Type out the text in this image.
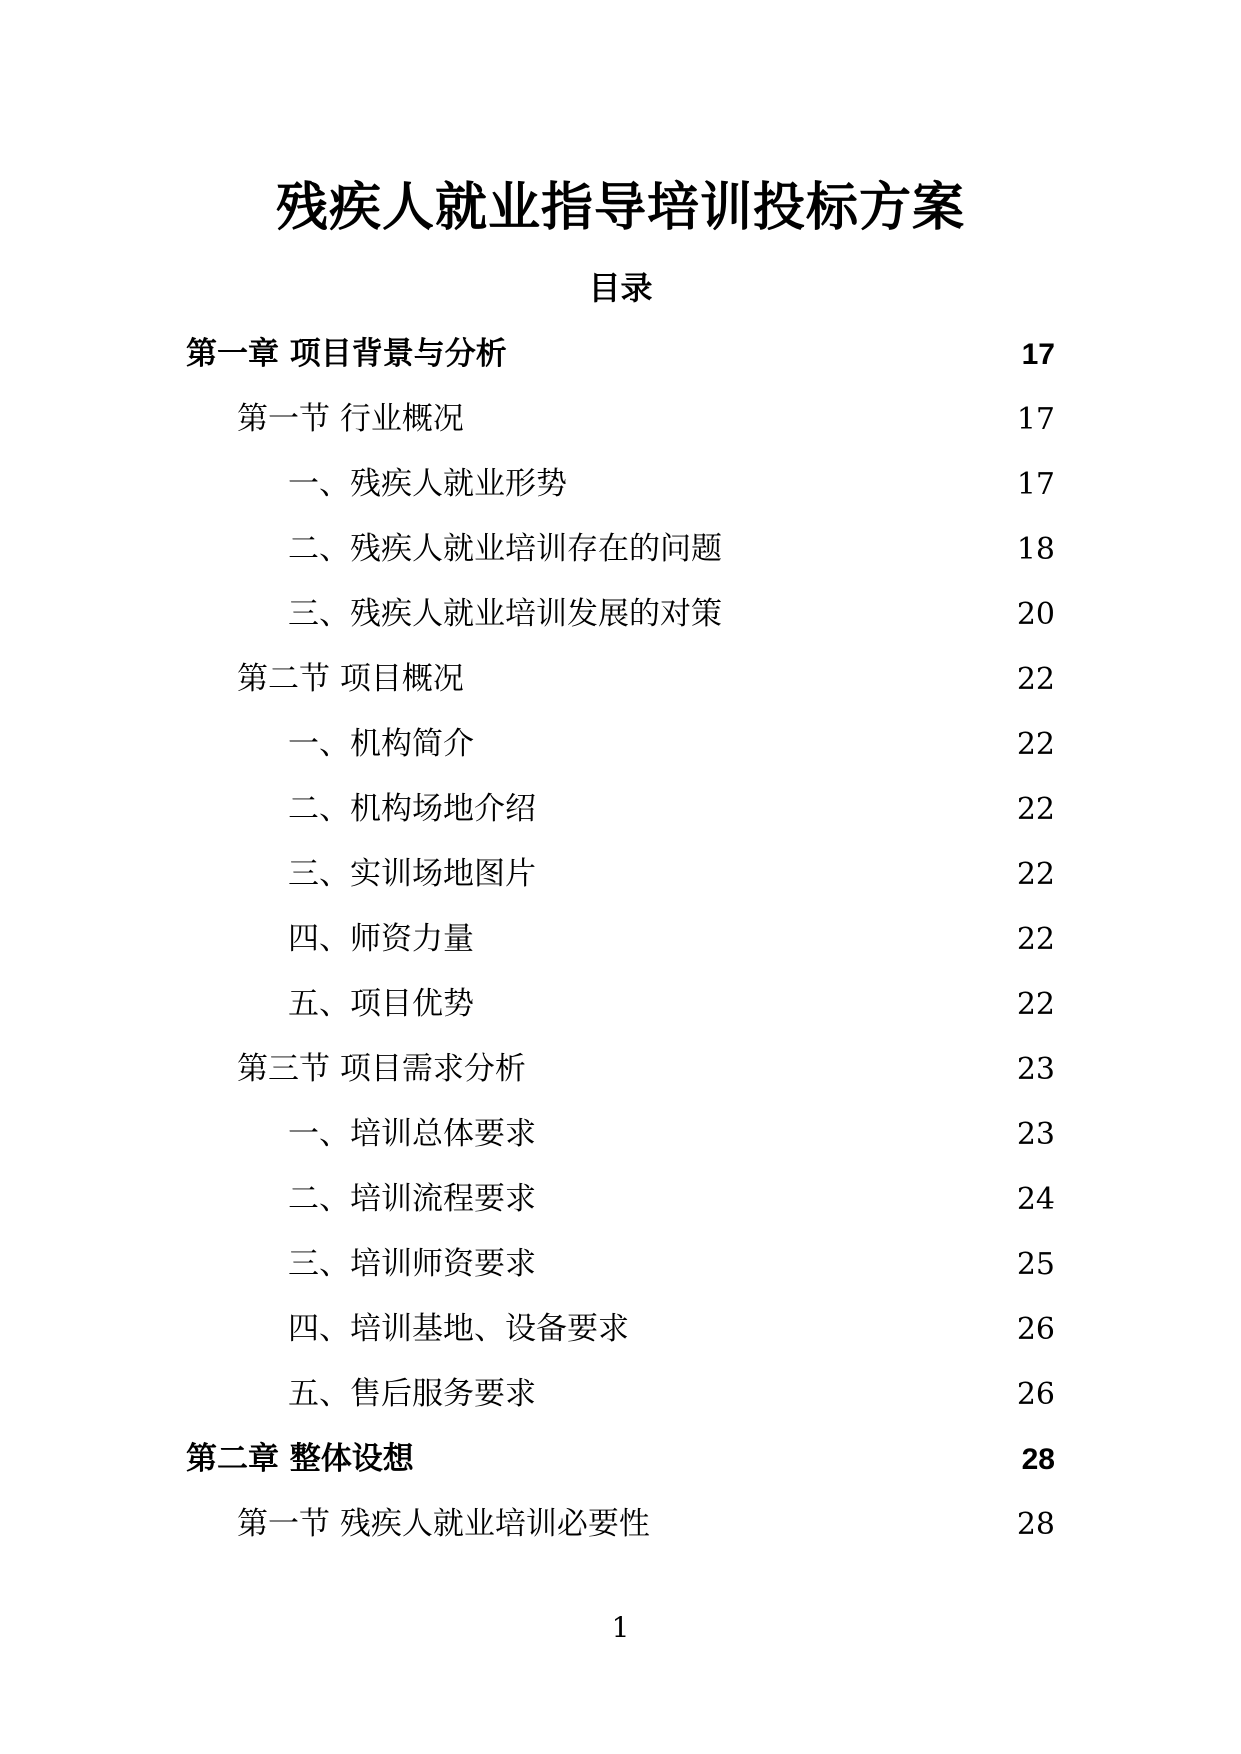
残疾人就业指导培训投标方案
目录
第一章 项目背景与分析	17
第一节 行业概况	17
一、残疾人就业形势	17
二、残疾人就业培训存在的问题	18
三、残疾人就业培训发展的对策	20
第二节 项目概况	22
一、机构简介	22
二、机构场地介绍	22
三、实训场地图片	22
四、师资力量	22
五、项目优势	22
第三节 项目需求分析	23
一、培训总体要求	23
二、培训流程要求	24
三、培训师资要求	25
四、培训基地、设备要求	26
五、售后服务要求	26
第二章 整体设想	28
第一节 残疾人就业培训必要性	28
1
